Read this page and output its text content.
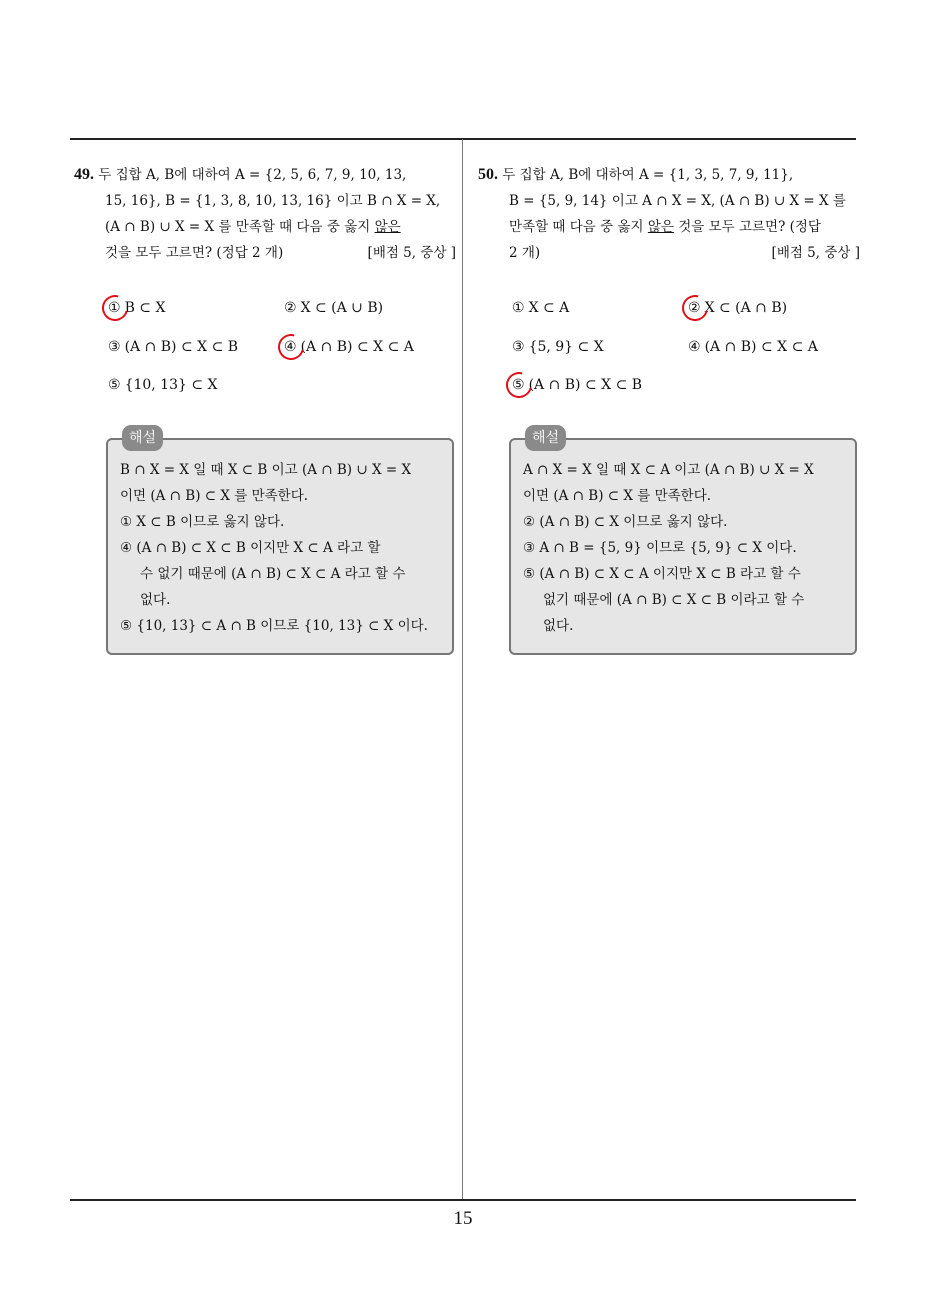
49. 두 집합 A, B에 대하여 A = {2, 5, 6, 7, 9, 10, 13,
15, 16}, B = {1, 3, 8, 10, 13, 16} 이고 B ∩ X = X,
(A ∩ B) ∪ X = X 를 만족할 때 다음 중 옳지 않은
것을 모두 고르면? (정답 2 개)	[배점 5, 중상 ]
① B ⊂ X	② X ⊂ (A ∪ B)
③ (A ∩ B) ⊂ X ⊂ B	④ (A ∩ B) ⊂ X ⊂ A
⑤ {10, 13} ⊂ X
해설
B ∩ X = X 일 때 X ⊂ B 이고 (A ∩ B) ∪ X = X
이면 (A ∩ B) ⊂ X 를 만족한다.
① X ⊂ B 이므로 옳지 않다.
④ (A ∩ B) ⊂ X ⊂ B 이지만 X ⊂ A 라고 할
수 없기 때문에 (A ∩ B) ⊂ X ⊂ A 라고 할 수
없다.
⑤ {10, 13} ⊂ A ∩ B 이므로 {10, 13} ⊂ X 이다.
50. 두 집합 A, B에 대하여 A = {1, 3, 5, 7, 9, 11},
B = {5, 9, 14} 이고 A ∩ X = X, (A ∩ B) ∪ X = X 를
만족할 때 다음 중 옳지 않은 것을 모두 고르면? (정답
2 개)	[배점 5, 중상 ]
① X ⊂ A	② X ⊂ (A ∩ B)
③ {5, 9} ⊂ X	④ (A ∩ B) ⊂ X ⊂ A
⑤ (A ∩ B) ⊂ X ⊂ B
해설
A ∩ X = X 일 때 X ⊂ A 이고 (A ∩ B) ∪ X = X
이면 (A ∩ B) ⊂ X 를 만족한다.
② (A ∩ B) ⊂ X 이므로 옳지 않다.
③ A ∩ B = {5, 9} 이므로 {5, 9} ⊂ X 이다.
⑤ (A ∩ B) ⊂ X ⊂ A 이지만 X ⊂ B 라고 할 수
없기 때문에 (A ∩ B) ⊂ X ⊂ B 이라고 할 수
없다.
15
